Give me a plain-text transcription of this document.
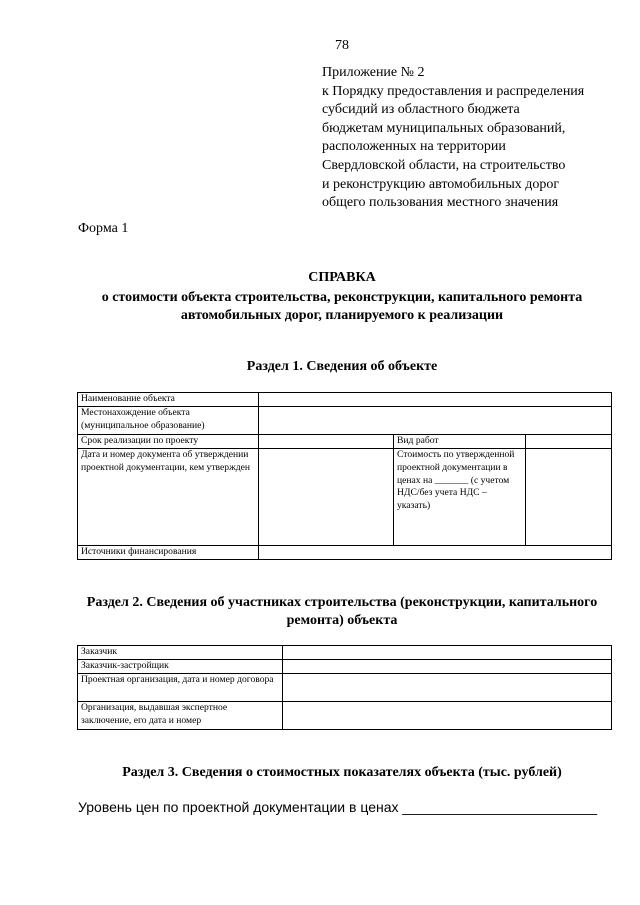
78
Приложение № 2
к Порядку предоставления и распределения
субсидий из областного бюджета
бюджетам муниципальных образований,
расположенных на территории
Свердловской области, на строительство
и реконструкцию автомобильных дорог
общего пользования местного значения
Форма 1
СПРАВКА
о стоимости объекта строительства, реконструкции, капитального ремонта автомобильных дорог, планируемого к реализации
Раздел 1. Сведения об объекте
Наименование объекта			
Местонахождение объекта (муниципальное образование)			
Срок реализации по проекту		Вид работ	
Дата и номер документа об утверждении проектной документации, кем утвержден		Стоимость по утвержденной проектной документации в ценах на _______ (с учетом НДС/без учета НДС – указать)	
Источники финансирования			
Раздел 2. Сведения об участниках строительства (реконструкции, капитального ремонта) объекта
Заказчик	
Заказчик-застройщик	
Проектная организация, дата и номер договора	
Организация, выдавшая экспертное заключение, его дата и номер	
Раздел 3. Сведения о стоимостных показателях объекта (тыс. рублей)
Уровень цен по проектной документации в ценах _________________________
